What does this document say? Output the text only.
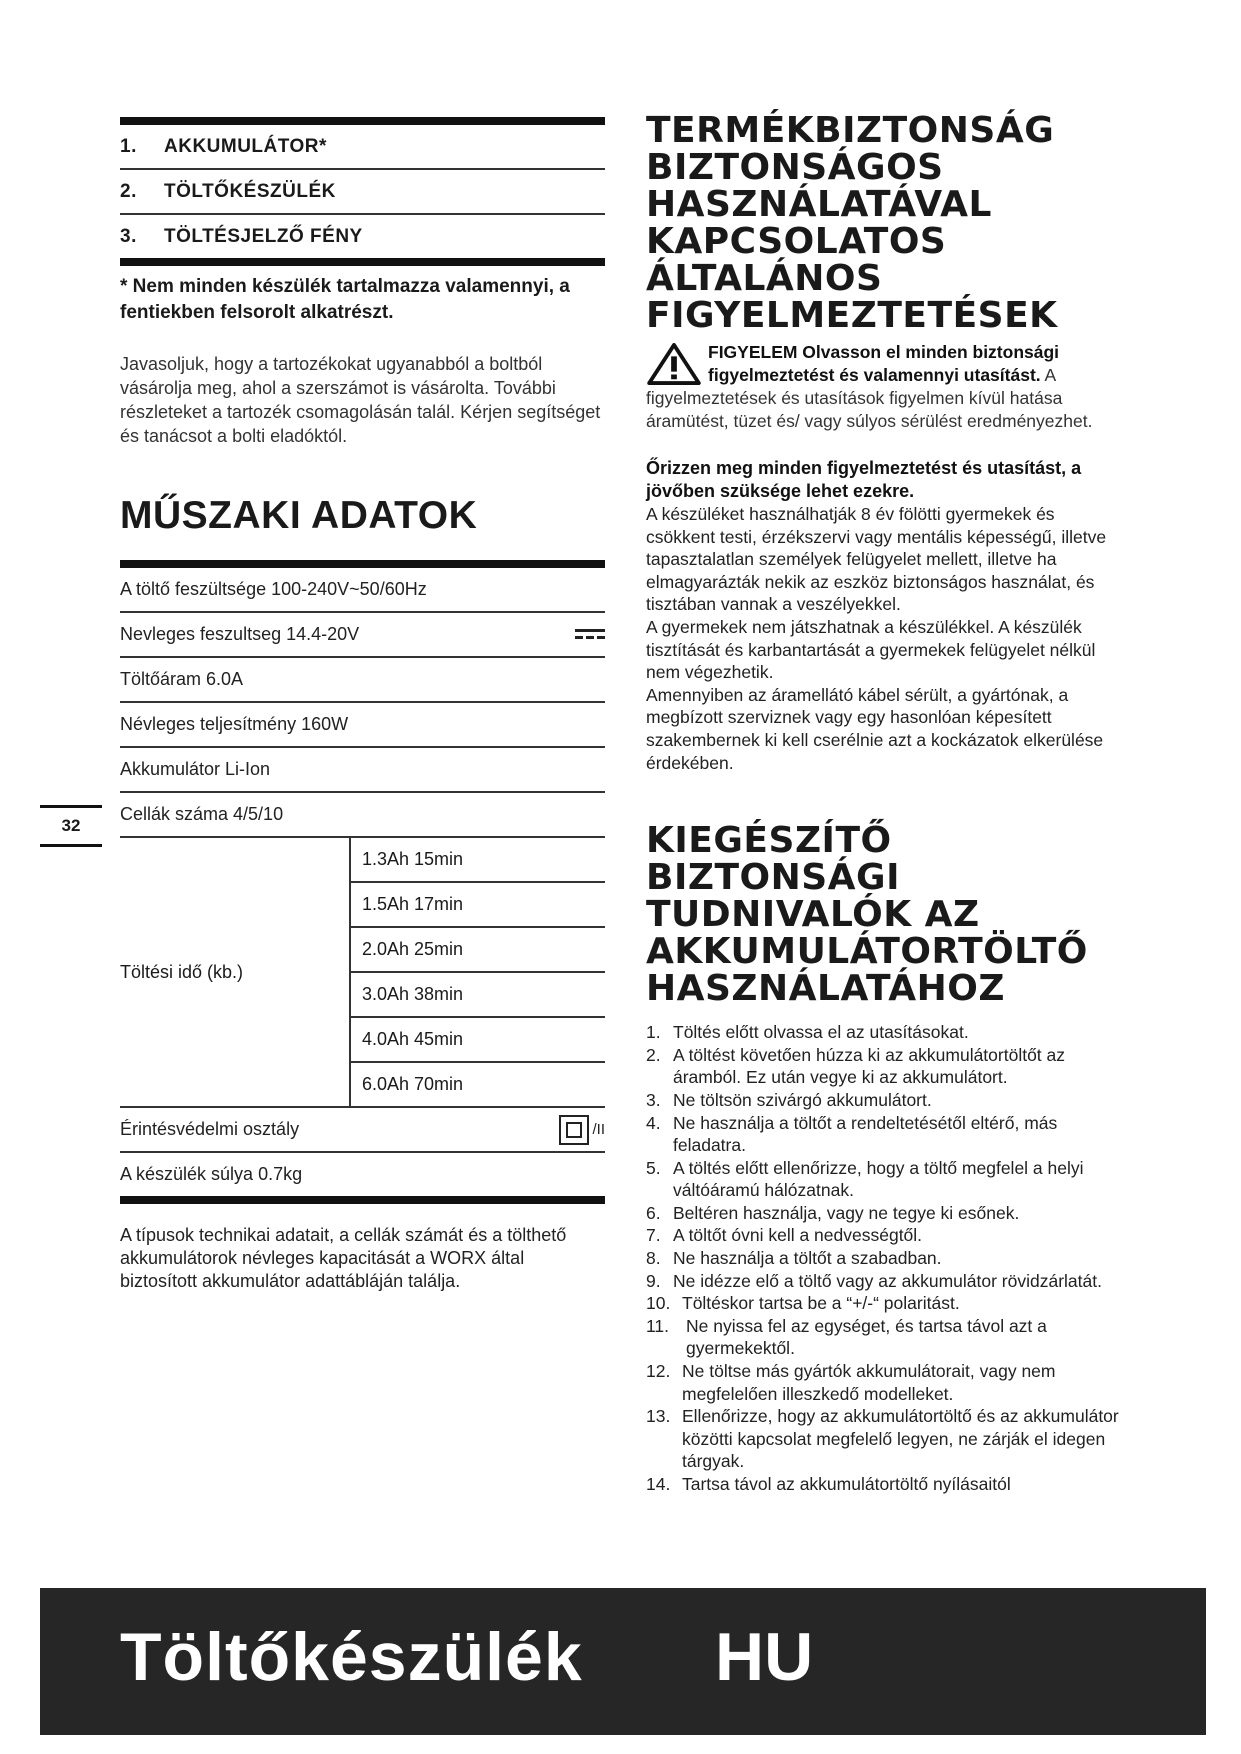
1.	AKKUMULÁTOR*
2.	TÖLTŐKÉSZÜLÉK
3.	TÖLTÉSJELZŐ FÉNY
* Nem minden készülék tartalmazza valamennyi, a fentiekben felsorolt alkatrészt.
Javasoljuk, hogy a tartozékokat ugyanabból a boltból vásárolja meg, ahol a szerszámot is vásárolta. További részleteket a tartozék csomagolásán talál. Kérjen segítséget és tanácsot a bolti eladóktól.
MŰSZAKI ADATOK
A töltő feszültsége 100-240V~50/60Hz
Nevleges feszultseg 14.4-20V
Töltőáram 6.0A
Névleges teljesítmény 160W
Akkumulátor Li-Ion
Cellák száma 4/5/10
Töltési idő (kb.)
1.3Ah 15min
1.5Ah 17min
2.0Ah 25min
3.0Ah 38min
4.0Ah 45min
6.0Ah 70min
Érintésvédelmi osztály	/II
A készülék súlya 0.7kg
A típusok technikai adatait, a cellák számát és a tölthető akkumulátorok névleges kapacitását a WORX által biztosított akkumulátor adattábláján találja.
32
TERMÉKBIZTONSÁG
BIZTONSÁGOS
HASZNÁLATÁVAL
KAPCSOLATOS
ÁLTALÁNOS
FIGYELMEZTETÉSEK
FIGYELEM Olvasson el minden biztonsági figyelmeztetést és valamennyi utasítást. A figyelmeztetések és utasítások figyelmen kívül hatása áramütést, tüzet és/ vagy súlyos sérülést eredményezhet.
Őrizzen meg minden figyelmeztetést és utasítást, a jövőben szüksége lehet ezekre.
A készüléket használhatják 8 év fölötti gyermekek és csökkent testi, érzékszervi vagy mentális képességű, illetve tapasztalatlan személyek felügyelet mellett, illetve ha elmagyarázták nekik az eszköz biztonságos használat, és tisztában vannak a veszélyekkel.
A gyermekek nem játszhatnak a készülékkel. A készülék tisztítását és karbantartását a gyermekek felügyelet nélkül nem végezhetik.
Amennyiben az áramellátó kábel sérült, a gyártónak, a megbízott szerviznek vagy egy hasonlóan képesített szakembernek ki kell cserélnie azt a kockázatok elkerülése érdekében.
KIEGÉSZÍTŐ
BIZTONSÁGI
TUDNIVALÓK AZ
AKKUMULÁTORTÖLTŐ
HASZNÁLATÁHOZ
1. Töltés előtt olvassa el az utasításokat.
2. A töltést követően húzza ki az akkumulátortöltőt az áramból. Ez után vegye ki az akkumulátort.
3. Ne töltsön szivárgó akkumulátort.
4. Ne használja a töltőt a rendeltetésétől eltérő, más feladatra.
5. A töltés előtt ellenőrizze, hogy a töltő megfelel a helyi váltóáramú hálózatnak.
6. Beltéren használja, vagy ne tegye ki esőnek.
7. A töltőt óvni kell a nedvességtől.
8. Ne használja a töltőt a szabadban.
9. Ne idézze elő a töltő vagy az akkumulátor rövidzárlatát.
10. Töltéskor tartsa be a “+/-“ polaritást.
11. Ne nyissa fel az egységet, és tartsa távol azt a gyermekektől.
12. Ne töltse más gyártók akkumulátorait, vagy nem megfelelően illeszkedő modelleket.
13. Ellenőrizze, hogy az akkumulátortöltő és az akkumulátor közötti kapcsolat megfelelő legyen, ne zárják el idegen tárgyak.
14. Tartsa távol az akkumulátortöltő nyílásaitól
Töltőkészülék HU
